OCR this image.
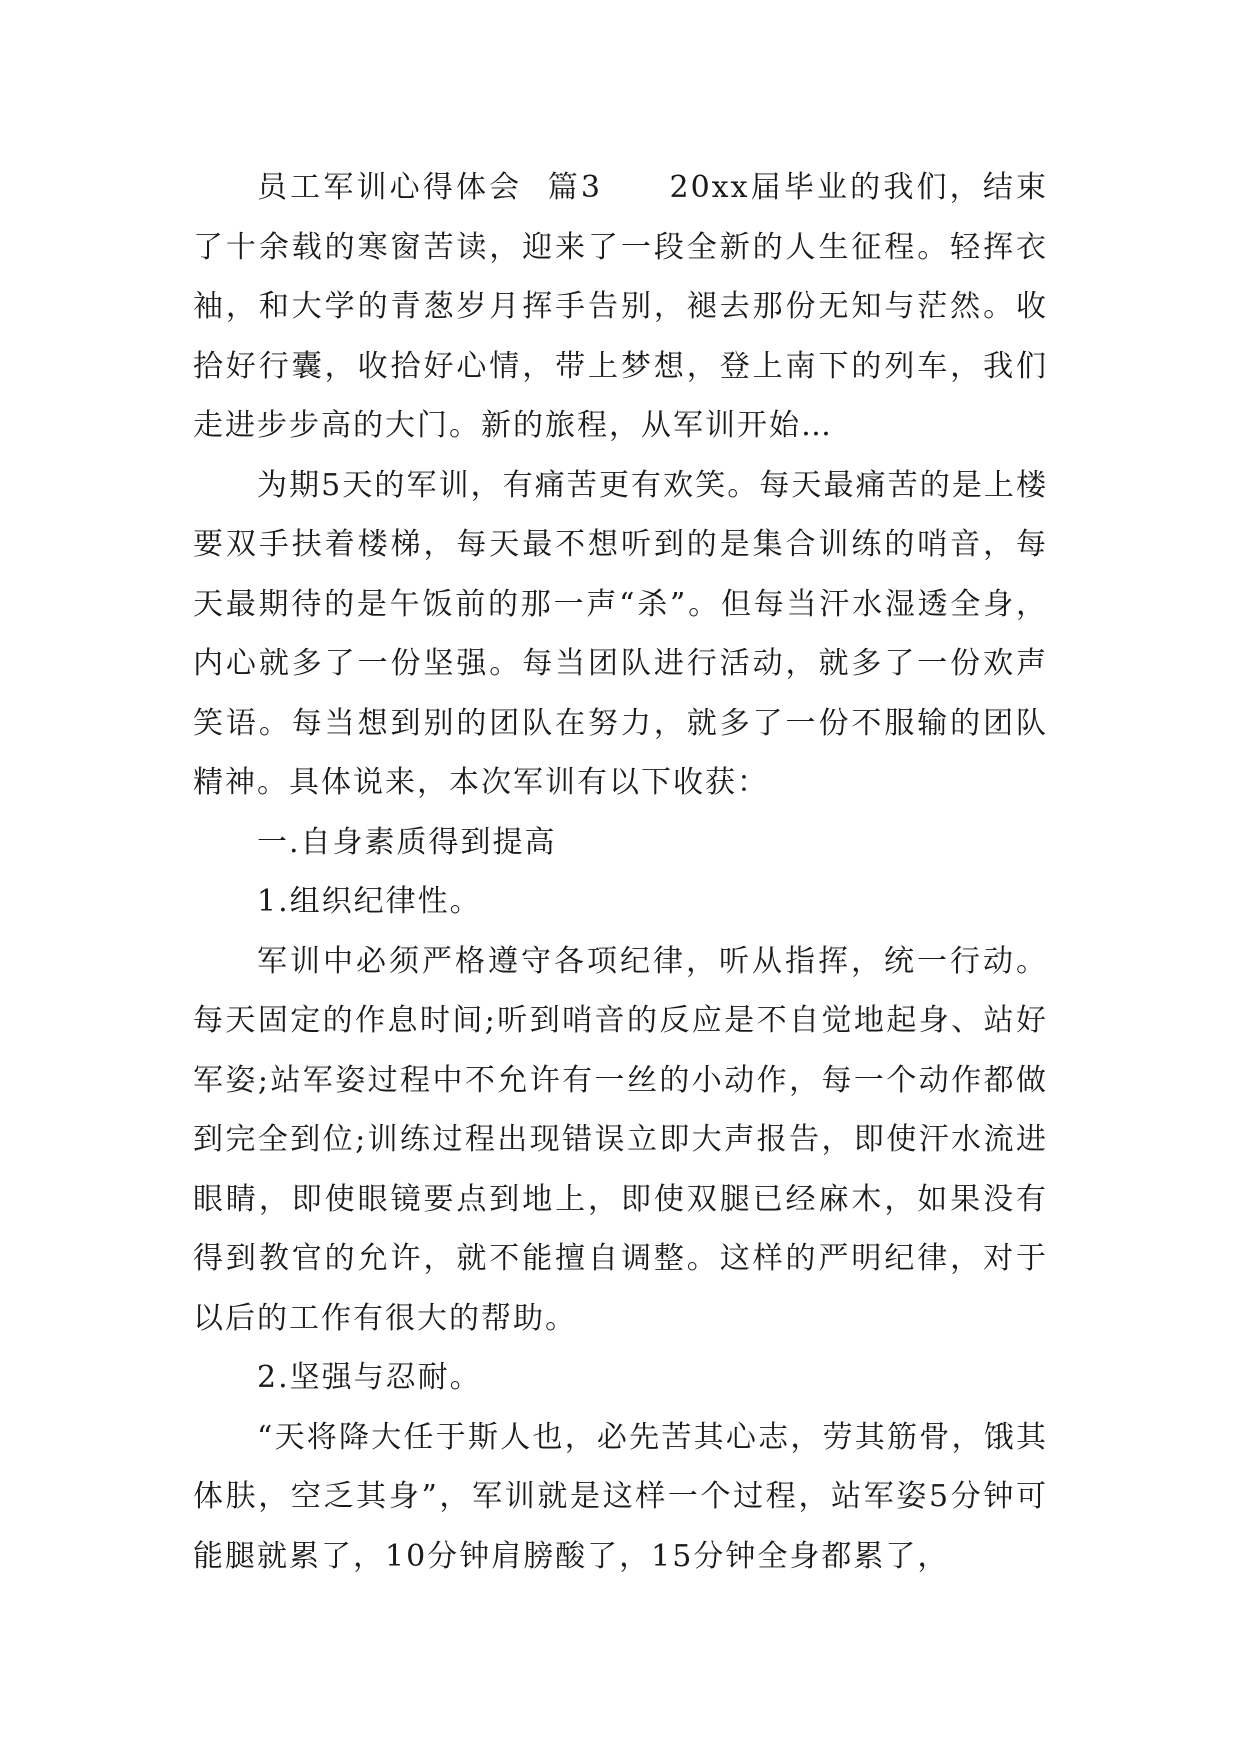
员工军训心得体会  篇3　　20xx届毕业的我们，结束了十余载的寒窗苦读，迎来了一段全新的人生征程。轻挥衣袖，和大学的青葱岁月挥手告别，褪去那份无知与茫然。收拾好行囊，收拾好心情，带上梦想，登上南下的列车，我们走进步步高的大门。新的旅程，从军训开始…

为期5天的军训，有痛苦更有欢笑。每天最痛苦的是上楼要双手扶着楼梯，每天最不想听到的是集合训练的哨音，每天最期待的是午饭前的那一声“杀”。但每当汗水湿透全身，内心就多了一份坚强。每当团队进行活动，就多了一份欢声笑语。每当想到别的团队在努力，就多了一份不服输的团队精神。具体说来，本次军训有以下收获：

一.自身素质得到提高

1.组织纪律性。

军训中必须严格遵守各项纪律，听从指挥，统一行动。每天固定的作息时间;听到哨音的反应是不自觉地起身、站好军姿;站军姿过程中不允许有一丝的小动作，每一个动作都做到完全到位;训练过程出现错误立即大声报告，即使汗水流进眼睛，即使眼镜要点到地上，即使双腿已经麻木，如果没有得到教官的允许，就不能擅自调整。这样的严明纪律，对于以后的工作有很大的帮助。

2.坚强与忍耐。

“天将降大任于斯人也，必先苦其心志，劳其筋骨，饿其体肤，空乏其身”，军训就是这样一个过程，站军姿5分钟可能腿就累了，10分钟肩膀酸了，15分钟全身都累了，
